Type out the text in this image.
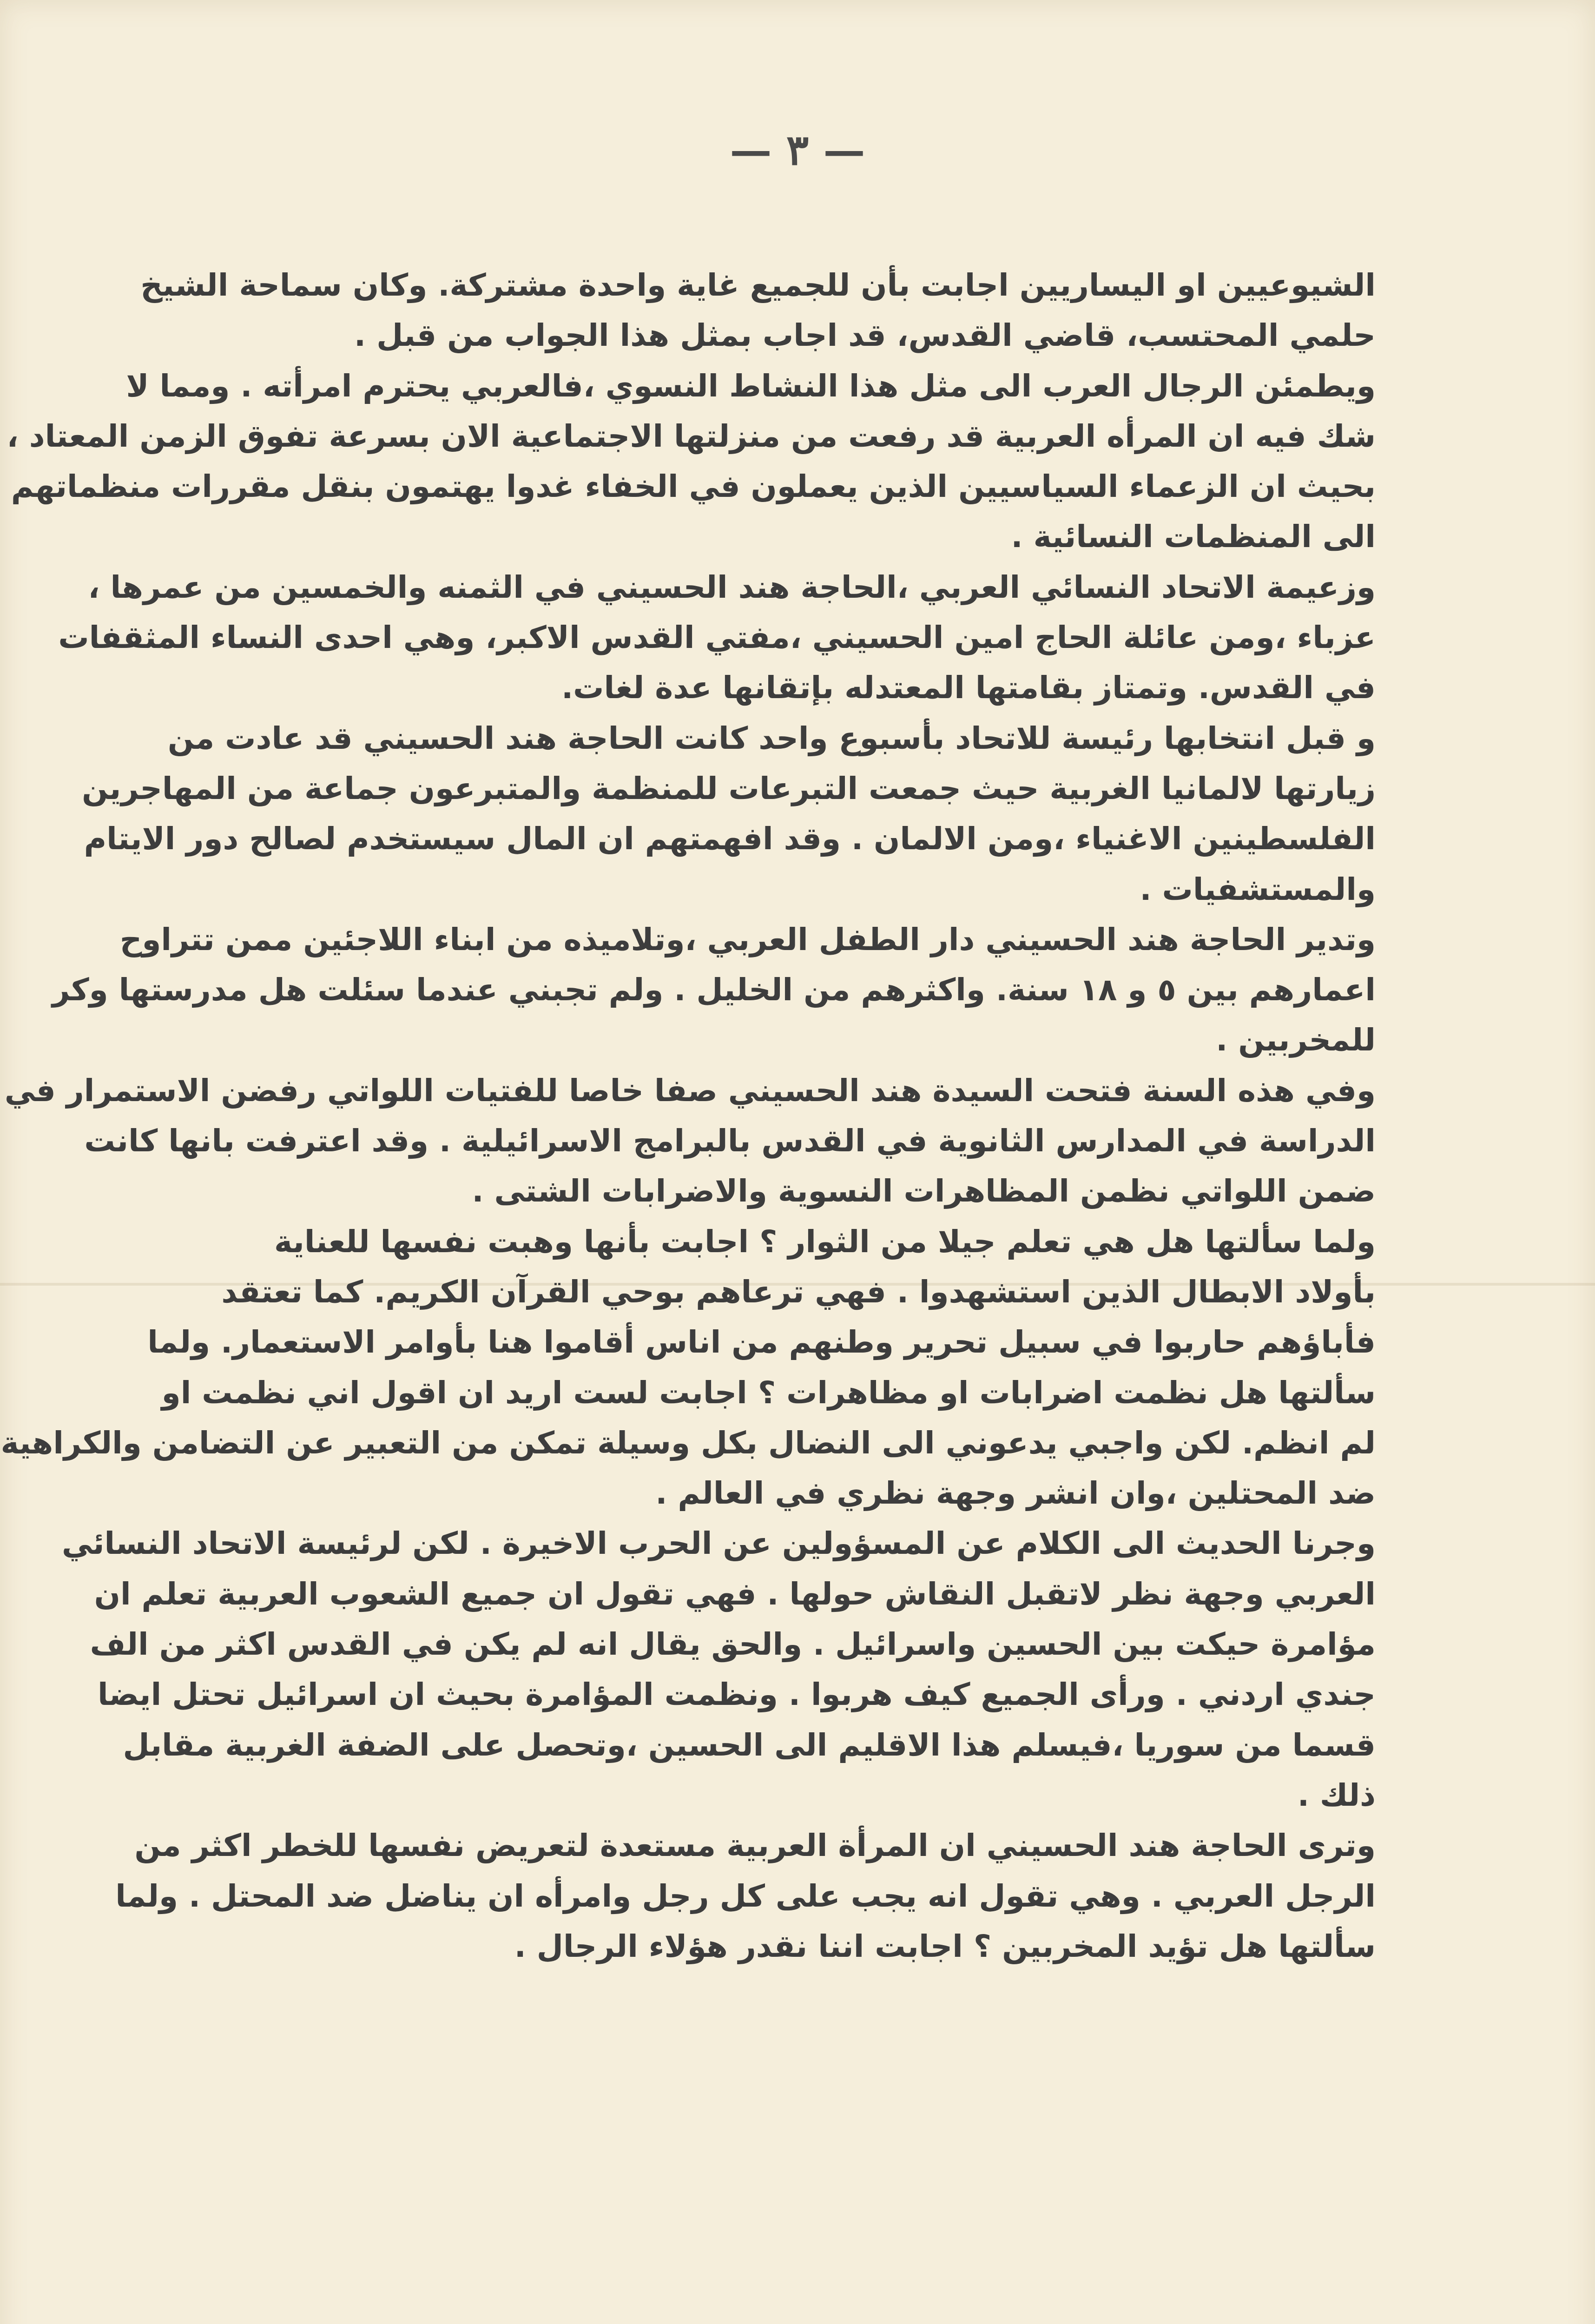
— ٣ —

الشيوعيين او اليساريين اجابت بأن للجميع غاية واحدة مشتركة. وكان سماحة الشيخ
حلمي المحتسب، قاضي القدس، قد اجاب بمثل هذا الجواب من قبل .
ويطمئن الرجال العرب الى مثل هذا النشاط النسوي ،فالعربي يحترم امرأته . ومما لا
شك فيه ان المرأه العربية قد رفعت من منزلتها الاجتماعية الان بسرعة تفوق الزمن المعتاد ،
بحيث ان الزعماء السياسيين الذين يعملون في الخفاء غدوا يهتمون بنقل مقررات منظماتهم
الى المنظمات النسائية .
وزعيمة الاتحاد النسائي العربي ،الحاجة هند الحسيني في الثمنه والخمسين من عمرها ،
عزباء ،ومن عائلة الحاج امين الحسيني ،مفتي القدس الاكبر، وهي احدى النساء المثقفات
في القدس. وتمتاز بقامتها المعتدله بإتقانها عدة لغات.
و قبل انتخابها رئيسة للاتحاد بأسبوع واحد كانت الحاجة هند الحسيني قد عادت من
زيارتها لالمانيا الغربية حيث جمعت التبرعات للمنظمة والمتبرعون جماعة من المهاجرين
الفلسطينين الاغنياء ،ومن الالمان . وقد افهمتهم ان المال سيستخدم لصالح دور الايتام
والمستشفيات .
وتدير الحاجة هند الحسيني دار الطفل العربي ،وتلاميذه من ابناء اللاجئين ممن تتراوح
اعمارهم بين ٥ و ١٨ سنة. واكثرهم من الخليل . ولم تجبني عندما سئلت هل مدرستها وكر
للمخربين .
وفي هذه السنة فتحت السيدة هند الحسيني صفا خاصا للفتيات اللواتي رفضن الاستمرار في
الدراسة في المدارس الثانوية في القدس بالبرامج الاسرائيلية . وقد اعترفت بانها كانت
ضمن اللواتي نظمن المظاهرات النسوية والاضرابات الشتى .
ولما سألتها هل هي تعلم جيلا من الثوار ؟ اجابت بأنها وهبت نفسها للعناية
بأولاد الابطال الذين استشهدوا . فهي ترعاهم بوحي القرآن الكريم. كما تعتقد
فأباؤهم حاربوا في سبيل تحرير وطنهم من اناس أقاموا هنا بأوامر الاستعمار. ولما
سألتها هل نظمت اضرابات او مظاهرات ؟ اجابت لست اريد ان اقول اني نظمت او
لم انظم. لكن واجبي يدعوني الى النضال بكل وسيلة تمكن من التعبير عن التضامن والكراهية
ضد المحتلين ،وان انشر وجهة نظري في العالم .
وجرنا الحديث الى الكلام عن المسؤولين عن الحرب الاخيرة . لكن لرئيسة الاتحاد النسائي
العربي وجهة نظر لاتقبل النقاش حولها . فهي تقول ان جميع الشعوب العربية تعلم ان
مؤامرة حيكت بين الحسين واسرائيل . والحق يقال انه لم يكن في القدس اكثر من الف
جندي اردني . ورأى الجميع كيف هربوا . ونظمت المؤامرة بحيث ان اسرائيل تحتل ايضا
قسما من سوريا ،فيسلم هذا الاقليم الى الحسين ،وتحصل على الضفة الغربية مقابل
ذلك .
وترى الحاجة هند الحسيني ان المرأة العربية مستعدة لتعريض نفسها للخطر اكثر من
الرجل العربي . وهي تقول انه يجب على كل رجل وامرأه ان يناضل ضد المحتل . ولما
سألتها هل تؤيد المخربين ؟ اجابت اننا نقدر هؤلاء الرجال .
